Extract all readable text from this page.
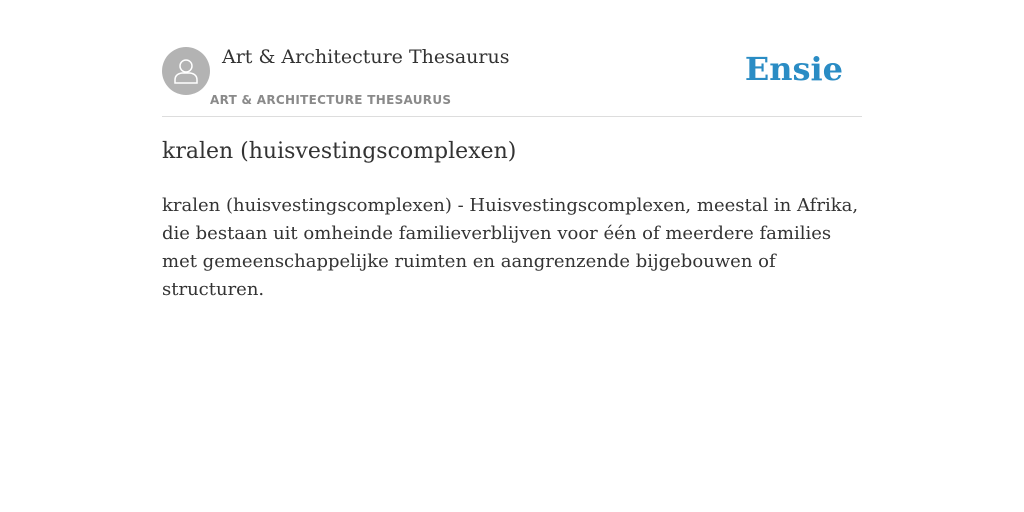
Art & Architecture Thesaurus
ART & ARCHITECTURE THESAURUS
Ensie
kralen (huisvestingscomplexen)

kralen (huisvestingscomplexen) - Huisvestingscomplexen, meestal in Afrika, die bestaan uit omheinde familieverblijven voor één of meerdere families met gemeenschappelijke ruimten en aangrenzende bijgebouwen of structuren.
